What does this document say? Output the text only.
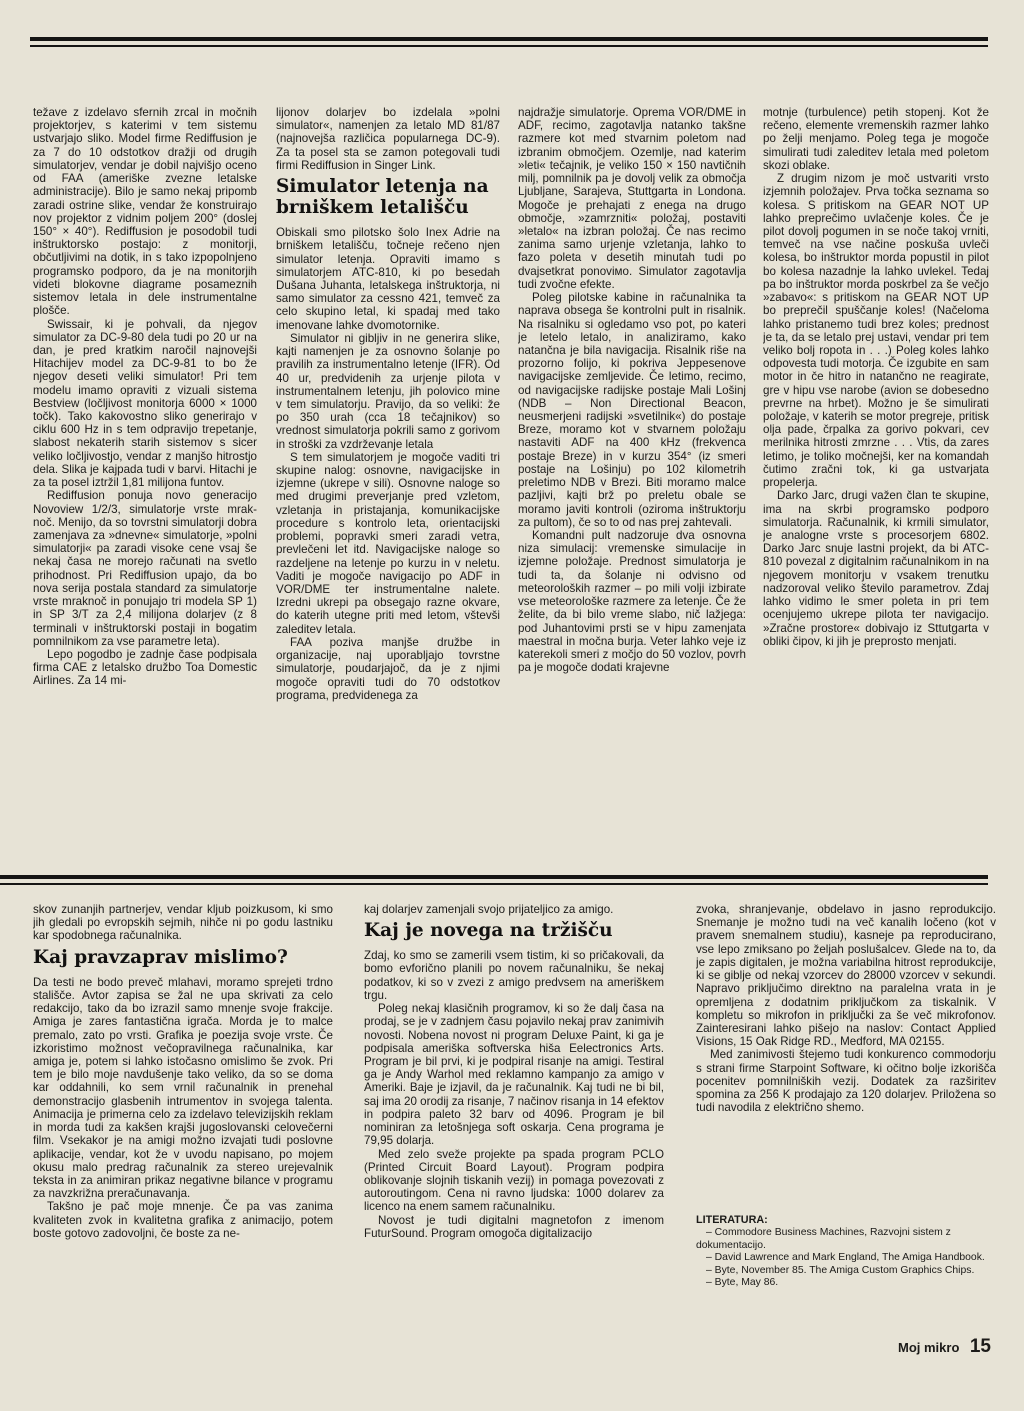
težave z izdelavo sfernih zrcal in močnih projektorjev, s katerimi v tem sistemu ustvarjajo sliko. Model firme Rediffusion je za 7 do 10 odstotkov dražji od drugih simulatorjev, vendar je dobil najvišjo oceno od FAA (ameriške zvezne letalske administracije). Bilo je samo nekaj pripomb zaradi ostrine slike, vendar že konstruirajo nov projektor z vidnim poljem 200° (doslej 150° × 40°). Rediffusion je posodobil tudi inštruktorsko postajo: z monitorji, občutljivimi na dotik, in s tako izpopolnjeno programsko podporo, da je na monitorjih videti blokovne diagrame posameznih sistemov letala in dele instrumentalne plošče.

Swissair, ki je pohvali, da njegov simulator za DC-9-80 dela tudi po 20 ur na dan, je pred kratkim naročil najnovejši Hitachijev model za DC-9-81 to bo že njegov deseti veliki simulator! Pri tem modelu imamo opraviti z vizuali sistema Bestview (ločljivost monitorja 6000 × 1000 točk). Tako kakovostno sliko generirajo v ciklu 600 Hz in s tem odpravijo trepetanje, slabost nekaterih starih sistemov s sicer veliko ločljivostjo, vendar z manjšo hitrostjo dela. Slika je kajpada tudi v barvi. Hitachi je za ta posel iztržil 1,81 milijona funtov.

Rediffusion ponuja novo generacijo Novoview 1/2/3, simulatorje vrste mrak-noč. Menijo, da so tovrstni simulatorji dobra zamenjava za »dnevne« simulatorje, »polni simulatorji« pa zaradi visoke cene vsaj še nekaj časa ne morejo računati na svetlo prihodnost. Pri Rediffusion upajo, da bo nova serija postala standard za simulatorje vrste mraknoč in ponujajo tri modela SP 1) in SP 3/T za 2,4 milijona dolarjev (z 8 terminali v inštruktorski postaji in bogatim pomnilnikom za vse parametre leta).

Lepo pogodbo je zadnje čase podpisala firma CAE z letalsko družbo Toa Domestic Airlines. Za 14 mi-

lijonov dolarjev bo izdelala »polni simulator«, namenjen za letalo MD 81/87 (najnovejša različica popularnega DC-9). Za ta posel sta se zamon potegovali tudi firmi Rediffusion in Singer Link.

Simulator letenja na brniškem letališču

Obiskali smo pilotsko šolo Inex Adrie na brniškem letališču, točneje rečeno njen simulator letenja. Opraviti imamo s simulatorjem ATC-810, ki po besedah Dušana Juhanta, letalskega inštruktorja, ni samo simulator za cessno 421, temveč za celo skupino letal, ki spadaj med tako imenovane lahke dvomotornike.

Simulator ni gibljiv in ne generira slike, kajti namenjen je za osnovno šolanje po pravilih za instrumentalno letenje (IFR). Od 40 ur, predvidenih za urjenje pilota v instrumentalnem letenju, jih polovico mine v tem simulatorju. Pravijo, da so veliki: že po 350 urah (cca 18 tečajnikov) so vrednost simulatorja pokrili samo z gorivom in stroški za vzdrževanje letala

S tem simulatorjem je mogoče vaditi tri skupine nalog: osnovne, navigacijske in izjemne (ukrepe v sili). Osnovne naloge so med drugimi preverjanje pred vzletom, vzletanja in pristajanja, komunikacijske procedure s kontrolo leta, orientacijski problemi, popravki smeri zaradi vetra, prevlečeni let itd. Navigacijske naloge so razdeljene na letenje po kurzu in v neletu. Vaditi je mogoče navigacijo po ADF in VOR/DME ter instrumentalne nalete. Izredni ukrepi pa obsegajo razne okvare, do katerih utegne priti med letom, vštevši zaleditev letala.

FAA poziva manjše družbe in organizacije, naj uporabljajo tovrstne simulatorje, poudarjajoč, da je z njimi mogoče opraviti tudi do 70 odstotkov programa, predvidenega za

najdražje simulatorje. Oprema VOR/DME in ADF, recimo, zagotavlja natanko takšne razmere kot med stvarnim poletom nad izbranim območjem. Ozemlje, nad katerim »leti« tečajnik, je veliko 150 × 150 navtičnih milj, pomnilnik pa je dovolj velik za območja Ljubljane, Sarajeva, Stuttgarta in Londona. Mogoče je prehajati z enega na drugo območje, »zamrzniti« položaj, postaviti »letalo« na izbran položaj. Če nas recimo zanima samo urjenje vzletanja, lahko to fazo poleta v desetih minutah tudi po dvajsetkrat ponoviмo. Simulator zagotavlja tudi zvočne efekte.

Poleg pilotske kabine in računalnika ta naprava obsega še kontrolni pult in risalnik. Na risalniku si ogledamo vso pot, po kateri je letelo letalo, in analiziramo, kako natančna je bila navigacija. Risalnik riše na prozorno folijo, ki pokriva Jeppesenove navigacijske zemljevide. Če letimo, recimo, od navigacijske radijske postaje Mali Lošinj (NDB – Non Directional Beacon, neusmerjeni radijski »svetilnik«) do postaje Breze, moramo kot v stvarnem položaju nastaviti ADF na 400 kHz (frekvenca postaje Breze) in v kurzu 354° (iz smeri postaje na Lošinju) po 102 kilometrih preletimo NDB v Brezi. Biti moramo malce pazljivi, kajti brž po preletu obale se moramo javiti kontroli (oziroma inštruktorju za pultom), če so to od nas prej zahtevali.

Komandni pult nadzoruje dva osnovna niza simulacij: vremenske simulacije in izjemne položaje. Prednost simulatorja je tudi ta, da šolanje ni odvisno od meteoroloških razmer – po mili volji izbirate vse meteorološke razmere za letenje. Če že želite, da bi bilo vreme slabo, nič lažjega: pod Juhantovimi prsti se v hipu zamenjata maestral in močna burja. Veter lahko veje iz katerekoli smeri z močjo do 50 vozlov, povrh pa je mogoče dodati krajevne

motnje (turbulence) petih stopenj. Kot že rečeno, elemente vremenskih razmer lahko po želji menjamo. Poleg tega je mogoče simulirati tudi zaleditev letala med poletom skozi oblake.

Z drugim nizom je moč ustvariti vrsto izjemnih položajev. Prva točka seznama so kolesa. S pritiskom na GEAR NOT UP lahko preprečimo uvlačenje koles. Če je pilot dovolj pogumen in se noče takoj vrniti, temveč na vse načine poskuša uvleči kolesa, bo inštruktor morda popustil in pilot bo kolesa nazadnje la lahko uvlekel. Tedaj pa bo inštruktor morda poskrbel za še večjo »zabavo«: s pritiskom na GEAR NOT UP bo preprečil spuščanje koles! (Načeloma lahko pristanemo tudi brez koles; prednost je ta, da se letalo prej ustavi, vendar pri tem veliko bolj ropota in . . .) Poleg koles lahko odpovesta tudi motorja. Če izgubite en sam motor in če hitro in natančno ne reagirate, gre v hipu vse narobe (avion se dobesedno prevrne na hrbet). Možno je še simulirati položaje, v katerih se motor pregreje, pritisk olja pade, črpalka za gorivo pokvari, cev merilnika hitrosti zmrzne . . . Vtis, da zares letimo, je toliko močnejši, ker na komandah čutimo zračni tok, ki ga ustvarjata propelerja.

Darko Jarc, drugi važen član te skupine, ima na skrbi programsko podporo simulatorja. Računalnik, ki krmili simulator, je analogne vrste s procesorjem 6802. Darko Jarc snuje lastni projekt, da bi ATC-810 povezal z digitalnim računalnikom in na njegovem monitorju v vsakem trenutku nadzoroval veliko število parametrov. Zdaj lahko vidimo le smer poleta in pri tem ocenjujemo ukrepe pilota ter navigacijo. »Zračne prostore« dobivajo iz Sttutgarta v obliki čipov, ki jih je preprosto menjati.

skov zunanjih partnerjev, vendar kljub poizkusom, ki smo jih gledali po evropskih sejmih, nihče ni po godu lastniku kar spodobnega računalnika.

Kaj pravzaprav mislimo?

Da testi ne bodo preveč mlahavi, moramo sprejeti trdno stališče. Avtor zapisa se žal ne upa skrivati za celo redakcijo, tako da bo izrazil samo mnenje svoje frakcije. Amiga je zares fantastična igrača. Morda je to malce premalo, zato po vrsti. Grafika je poezija svoje vrste. Če izkoristimo možnost večopravilnega računalnika, kar amiga je, potem si lahko istočasno omislimo še zvok. Pri tem je bilo moje navdušenje tako veliko, da so se doma kar oddahnili, ko sem vrnil računalnik in prenehal demonstracijo glasbenih intrumentov in svojega talenta. Animacija je primerna celo za izdelavo televizijskih reklam in morda tudi za kakšen krajši jugoslovanski celovečerni film. Vsekakor je na amigi možno izvajati tudi poslovne aplikacije, vendar, kot že v uvodu napisano, po mojem okusu malo predrag računalnik za stereo urejevalnik teksta in za animiran prikaz negativne bilance v programu za navzkrižna preračunavanja.

Takšno je pač moje mnenje. Če pa vas zanima kvaliteten zvok in kvalitetna grafika z animacijo, potem boste gotovo zadovoljni, če boste za ne-

kaj dolarjev zamenjali svojo prijateljico za amigo.

Kaj je novega na tržišču

Zdaj, ko smo se zamerili vsem tistim, ki so pričakovali, da bomo evforično planili po novem računalniku, še nekaj podatkov, ki so v zvezi z amigo predvsem na ameriškem trgu.

Poleg nekaj klasičnih programov, ki so že dalj časa na prodaj, se je v zadnjem času pojavilo nekaj prav zanimivih novosti. Nobena novost ni program Deluxe Paint, ki ga je podpisala ameriška softverska hiša Eelectronics Arts. Program je bil prvi, ki je podpiral risanje na amigi. Testiral ga je Andy Warhol med reklamno kampanjo za amigo v Ameriki. Baje je izjavil, da je računalnik. Kaj tudi ne bi bil, saj ima 20 orodij za risanje, 7 načinov risanja in 14 efektov in podpira paleto 32 barv od 4096. Program je bil nominiran za letošnjega soft oskarja. Cena programa je 79,95 dolarja.

Med zelo sveže projekte pa spada program PCLO (Printed Circuit Board Layout). Program podpira oblikovanje slojnih tiskanih vezij) in pomaga povezovati z autoroutingom. Cena ni ravno ljudska: 1000 dolarev za licenco na enem samem računalniku.

Novost je tudi digitalni magnetofon z imenom FuturSound. Program omogoča digitalizacijo

zvoka, shranjevanje, obdelavo in jasno reprodukcijo. Snemanje je možno tudi na več kanalih ločeno (kot v pravem snemalnem studiu), kasneje pa reproduciranо, vse lepo zmiksano po željah poslušalcev. Glede na to, da je zapis digitalen, je možna variabilna hitrost reprodukcije, ki se giblje od nekaj vzorcev do 28000 vzorcev v sekundi. Napravo priključimo direktno na paralelna vrata in je opremljena z dodatnim priključkom za tiskalnik. V kompletu so mikrofon in priključki za še več mikrofonov. Zainteresirani lahko pišejo na naslov: Contact Applied Visions, 15 Oak Ridge RD., Medford, MA 02155.

Med zanimivosti štejemo tudi konkurenco commodorju s strani firme Starpoint Software, ki očitno bolje izkorišča pocenitev pomnilniških vezij. Dodatek za razširitev spomina za 256 K prodajajo za 120 dolarjev. Priložena so tudi navodila z električno shemo.

LITERATURA:
– Commodore Business Machines, Razvojni sistem z dokumentacijo.
– David Lawrence and Mark England, The Amiga Handbook.
– Byte, November 85. The Amiga Custom Graphics Chips.
– Byte, May 86.
Moj mikro 15
